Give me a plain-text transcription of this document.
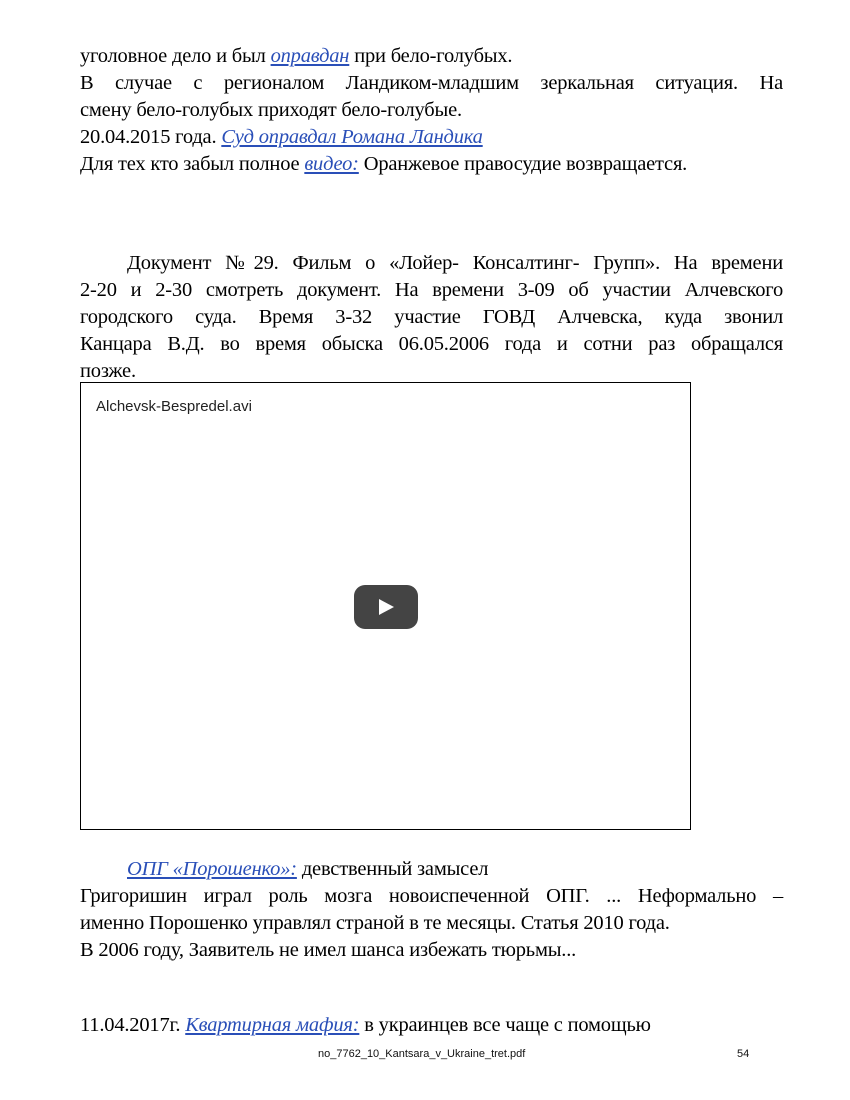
уголовное дело и был оправдан при бело-голубых.
В случае с регионалом Ландиком-младшим зеркальная ситуация. На
смену бело-голубых приходят бело-голубые.
20.04.2015 года. Суд оправдал Романа Ландика
Для тех кто забыл полное видео: Оранжевое правосудие возвращается.
Документ №29. Фильм о «Лойер- Консалтинг- Групп». На времени
2-20 и 2-30 смотреть документ. На времени 3-09 об участии Алчевского
городского суда. Время 3-32 участие ГОВД Алчевска, куда звонил
Канцара В.Д. во время обыска 06.05.2006 года и сотни раз обращался
позже.
Alchevsk-Bespredel.avi
ОПГ «Порошенко»: девственный замысел
Григоришин играл роль мозга новоиспеченной ОПГ. ... Неформально –
именно Порошенко управлял страной в те месяцы. Статья 2010 года.
В 2006 году, Заявитель не имел шанса избежать тюрьмы...
11.04.2017г. Квартирная мафия: в украинцев все чаще с помощью
no_7762_10_Kantsara_v_Ukraine_tret.pdf	54
